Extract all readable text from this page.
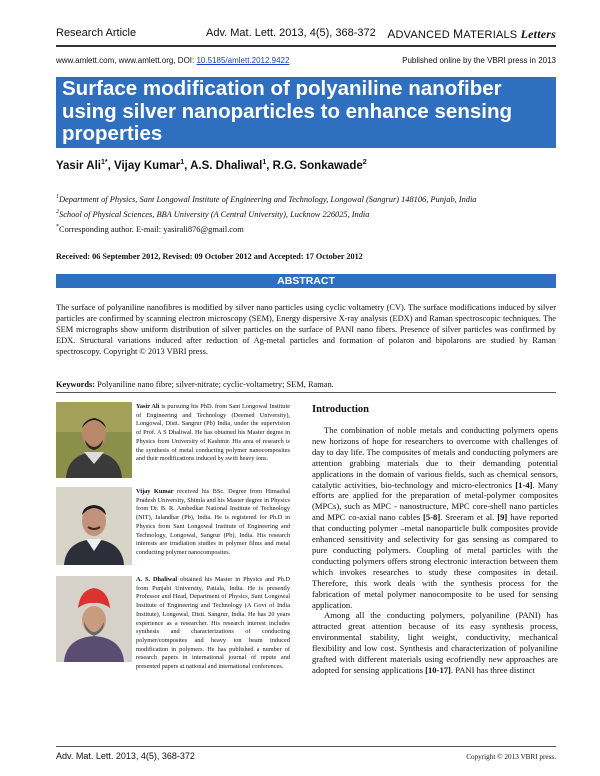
Research Article	Adv. Mat. Lett. 2013, 4(5), 368-372 ADVANCED MATERIALS Letters
www.amlett.com, www.amlett.org, DOI: 10.5185/amlett.2012.9422	Published online by the VBRI press in 2013
Surface modification of polyaniline nanofiber using silver nanoparticles to enhance sensing properties
Yasir Ali$^{1*}$, Vijay Kumar$^1$, A.S. Dhaliwal$^1$, R.G. Sonkawade$^2$
$^1$Department of Physics, Sant Longowal Institute of Engineering and Technology, Longowal (Sangrur) 148106, Punjab, India
$^2$School of Physical Sciences, BBA University (A Central University), Lucknow 226025, India
*Corresponding author. E-mail: yasirali876@gmail.com
Received: 06 September 2012, Revised: 09 October 2012 and Accepted: 17 October 2012
ABSTRACT
The surface of polyaniline nanofibres is modified by silver nano particles using cyclic voltametry (CV). The surface modifications induced by silver particles are confirmed by scanning electron microscopy (SEM), Energy dispersive X-ray analysis (EDX) and Raman spectroscopic techniques. The SEM micrographs show uniform distribution of silver particles on the surface of PANI nano fibers. Presence of silver particles was confirmed by EDX. Structural variations induced after reduction of Ag-metal particles and formation of polaron and bipolarons are studied by Raman spectroscopy. Copyright © 2013 VBRI press.
Keywords: Polyaniline nano fibre; silver-nitrate; cyclic-voltametry; SEM, Raman.
Yasir Ali is pursuing his PhD. from Sant Longowal Institute of Engineering and Technology (Deemed University), Longowal, Distt. Sangrur (Pb) India, under the supervision of Prof. A S Dhaliwal. He has obtained his Master degree in Physics from University of Kashmir. His area of research is the synthesis of metal conducting polymer nanocomposites and their modifications induced by swift heavy ions.
Vijay Kumar received his BSc. Degree from Himachal Pradesh University, Shimla and his Master degree in Physics from Dr. B. R. Ambedkar National Institute of Technology (NIT), Jalandhar (Pb), India. He is registered for Ph.D in Physics from Sant Longowal Institute of Engineering and Technology, Longowal, Sangrur (Pb), India. His research interests are irradiation studies in polymer films and metal conducting polymer nanocomposites.
A. S. Dhaliwal obtained his Master in Physics and Ph.D from Punjabi University, Patiala, India. He is presently Professor and Head, Department of Physics, Sant Longowal Institute of Engineering and Technology (A Govt of India Institute), Longowal, Distt. Sangrur, India. He has 20 years experience as a researcher. His research interest includes synthesis and characterizations of conducting polymer/composites and heavy ion beam induced modification in polymers. He has published a number of research papers in international journal of repute and presented papers at national and international conferences.
Introduction

The combination of noble metals and conducting polymers opens new horizons of hope for researchers to overcome with challenges of day to day life. The composites of metals and conducting polymers are attention grabbing materials due to their demanding potential applications in the domain of various fields, such as chemical sensors, catalytic activities, bio-technology and micro-electronics [1-4]. Many efforts are applied for the preparation of metal-polymer composites (MPCs), such as MPC - nanostructure, MPC core-shell nano particles and MPC co-axial nano cables [5-8]. Sreeram et al. [9] have reported that conducting polymer –metal nanoparticle bulk composites provide enhanced sensitivity and selectivity for gas sensing as compared to pure conducting polymers. Coupling of metal particles with the conducting polymers offers strong electronic interaction between them which invokes researches to study these composites in detail. Therefore, this work deals with the synthesis process for the fabrication of metal polymer nanocomposite to be used for sensing application.

Among all the conducting polymers, polyaniline (PANI) has attracted great attention because of its easy synthesis process, environmental stability, light weight, conductivity, mechanical flexibility and low cost. Synthesis and characterization of polyaniline grafted with different materials using ecofriendly new approaches are adopted for sensing applications [10-17]. PANI has three distinct

Adv. Mat. Lett. 2013, 4(5), 368-372	Copyright © 2013 VBRI press.
